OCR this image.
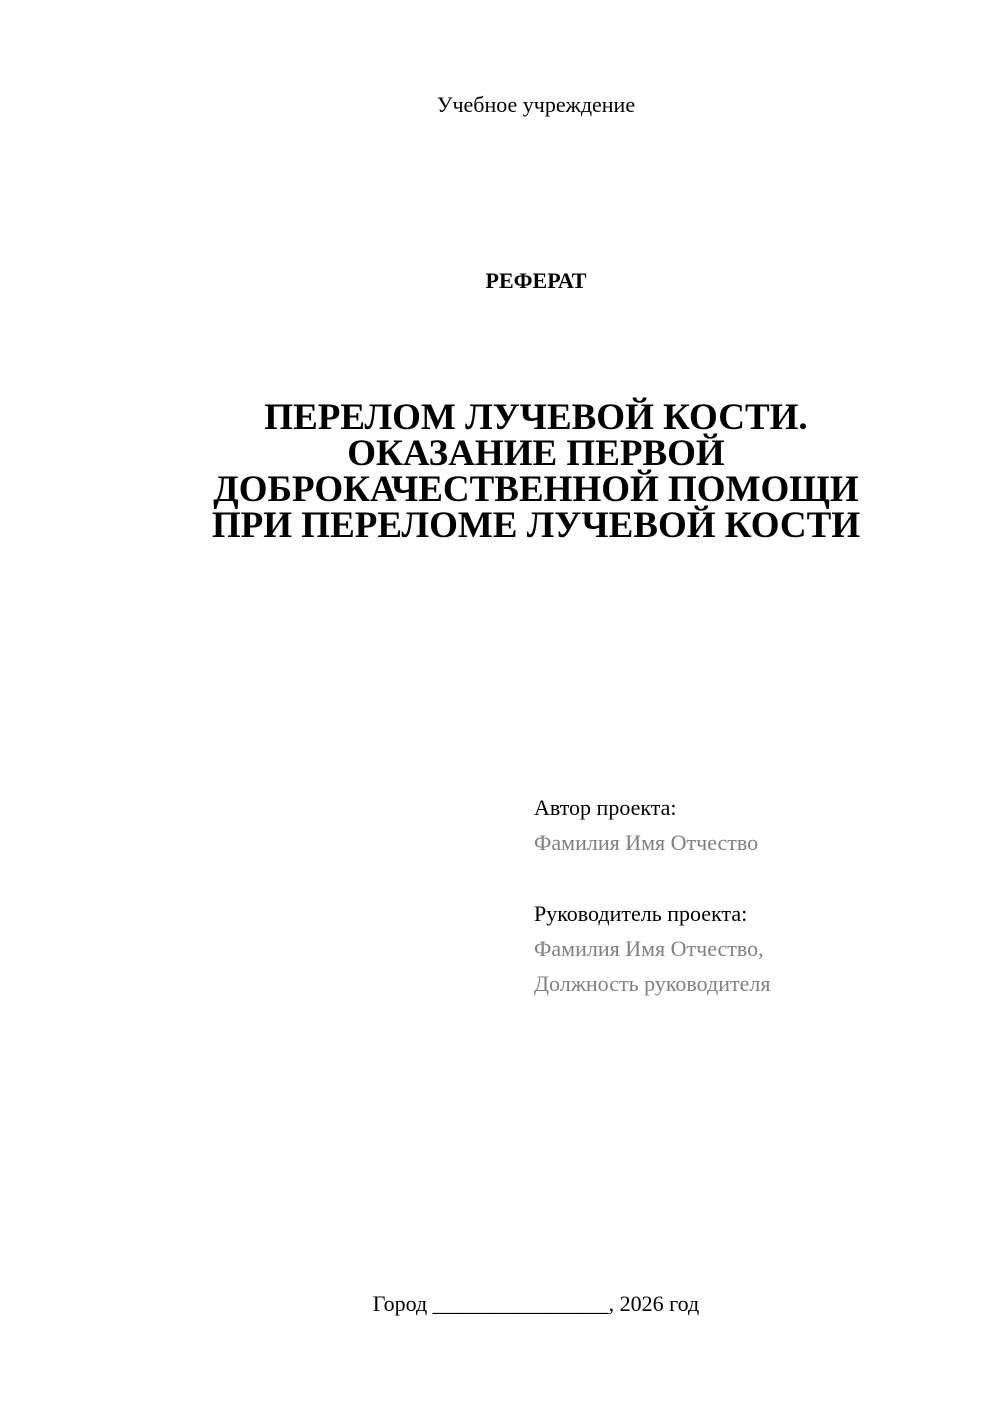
Учебное учреждение
РЕФЕРАТ
ПЕРЕЛОМ ЛУЧЕВОЙ КОСТИ.
ОКАЗАНИЕ ПЕРВОЙ
ДОБРОКАЧЕСТВЕННОЙ ПОМОЩИ
ПРИ ПЕРЕЛОМЕ ЛУЧЕВОЙ КОСТИ
Автор проекта:
Фамилия Имя Отчество
Руководитель проекта:
Фамилия Имя Отчество,
Должность руководителя
Город ________________, 2026 год
